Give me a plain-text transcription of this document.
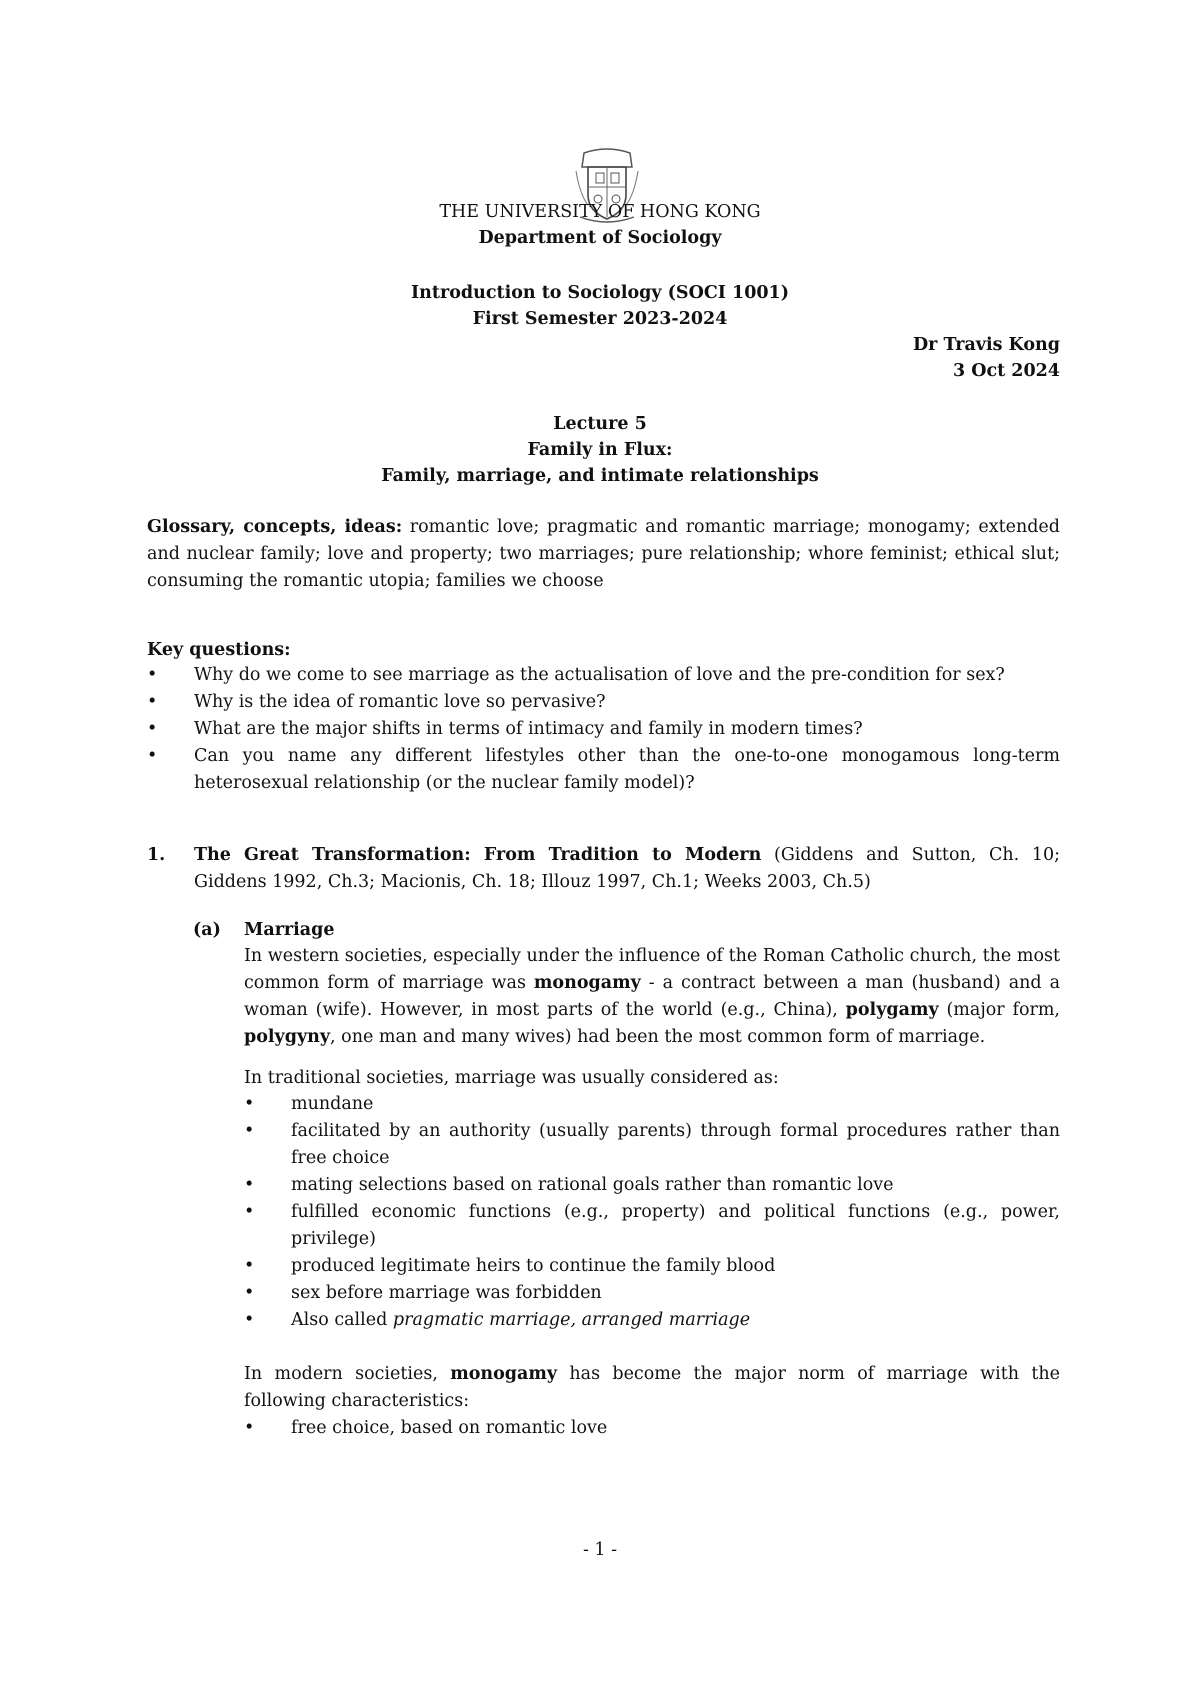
THE UNIVERSITY OF HONG KONG
Department of Sociology
Introduction to Sociology (SOCI 1001)
First Semester 2023-2024
Dr Travis Kong
3 Oct 2024
Lecture 5
Family in Flux:
Family, marriage, and intimate relationships
Glossary, concepts, ideas: romantic love; pragmatic and romantic marriage; monogamy; extended and nuclear family; love and property; two marriages; pure relationship; whore feminist; ethical slut; consuming the romantic utopia; families we choose
Key questions:
• Why do we come to see marriage as the actualisation of love and the pre-condition for sex?
• Why is the idea of romantic love so pervasive?
• What are the major shifts in terms of intimacy and family in modern times?
• Can you name any different lifestyles other than the one-to-one monogamous long-term heterosexual relationship (or the nuclear family model)?
1. The Great Transformation: From Tradition to Modern (Giddens and Sutton, Ch. 10; Giddens 1992, Ch.3; Macionis, Ch. 18; Illouz 1997, Ch.1; Weeks 2003, Ch.5)
(a) Marriage
In western societies, especially under the influence of the Roman Catholic church, the most common form of marriage was monogamy - a contract between a man (husband) and a woman (wife). However, in most parts of the world (e.g., China), polygamy (major form, polygyny, one man and many wives) had been the most common form of marriage.
In traditional societies, marriage was usually considered as:
• mundane
• facilitated by an authority (usually parents) through formal procedures rather than free choice
• mating selections based on rational goals rather than romantic love
• fulfilled economic functions (e.g., property) and political functions (e.g., power, privilege)
• produced legitimate heirs to continue the family blood
• sex before marriage was forbidden
• Also called pragmatic marriage, arranged marriage
In modern societies, monogamy has become the major norm of marriage with the following characteristics:
• free choice, based on romantic love
- 1 -
